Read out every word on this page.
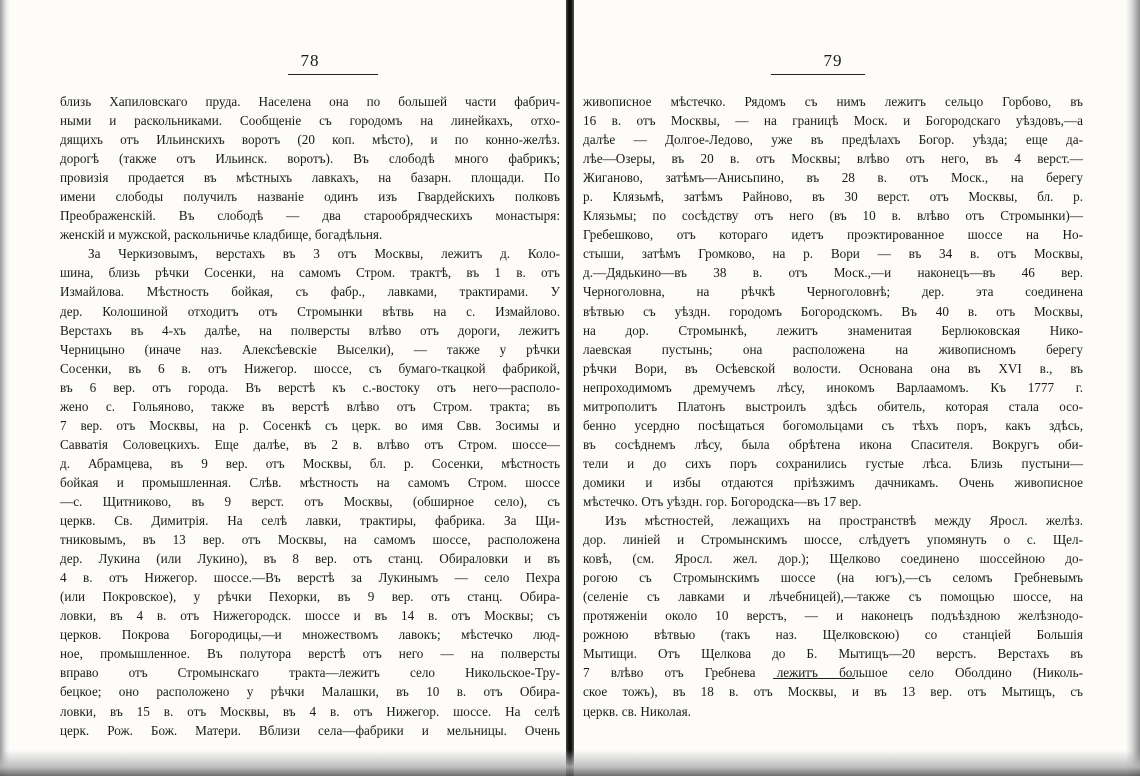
78
близь Хапиловскаго пруда. Населена она по большей части фабрич-
ными и раскольниками. Сообщеніе съ городомъ на линейкахъ, отхо-
дящихъ отъ Ильинскихъ воротъ (20 коп. мѣсто), и по конно-желѣз.
дорогѣ (также отъ Ильинск. воротъ). Въ слободѣ много фабрикъ;
провизія продается въ мѣстныхъ лавкахъ, на базарн. площади. По
имени слободы получилъ названіе одинъ изъ Гвардейскихъ полковъ
Преображенскій. Въ слободѣ — два старообрядческихъ монастыря:
женскій и мужской, раскольничье кладбище, богадѣльня.
За Черкизовымъ, верстахъ въ 3 отъ Москвы, лежитъ д. Коло-
шина, близь рѣчки Сосенки, на самомъ Стром. трактѣ, въ 1 в. отъ
Измайлова. Мѣстность бойкая, съ фабр., лавками, трактирами. У
дер. Колошиной отходитъ отъ Стромынки вѣтвь на с. Измайлово.
Верстахъ въ 4-хъ далѣе, на полверсты влѣво отъ дороги, лежитъ
Черницыно (иначе наз. Алексѣевскіе Выселки), — также у рѣчки
Сосенки, въ 6 в. отъ Нижегор. шоссе, съ бумаго-ткацкой фабрикой,
въ 6 вер. отъ города. Въ верстѣ къ с.-востоку отъ него—располо-
жено с. Гольяново, также въ верстѣ влѣво отъ Стром. тракта; въ
7 вер. отъ Москвы, на р. Сосенкѣ съ церк. во имя Свв. Зосимы и
Савватія Соловецкихъ. Еще далѣе, въ 2 в. влѣво отъ Стром. шоссе—
д. Абрамцева, въ 9 вер. отъ Москвы, бл. р. Сосенки, мѣстность
бойкая и промышленная. Слѣв. мѣстность на самомъ Стром. шоссе
—с. Щитниково, въ 9 верст. отъ Москвы, (обширное село), съ
церкв. Св. Димитрія. На селѣ лавки, трактиры, фабрика. За Щи-
тниковымъ, въ 13 вер. отъ Москвы, на самомъ шоссе, расположена
дер. Лукина (или Лукино), въ 8 вер. отъ станц. Обираловки и въ
4 в. отъ Нижегор. шоссе.—Въ верстѣ за Лукинымъ — село Пехра
(или Покровское), у рѣчки Пехорки, въ 9 вер. отъ станц. Обира-
ловки, въ 4 в. отъ Нижегородск. шоссе и въ 14 в. отъ Москвы; съ
церков. Покрова Богородицы,—и множествомъ лавокъ; мѣстечко люд-
ное, промышленное. Въ полутора верстѣ отъ него — на полверсты
вправо отъ Стромынскаго тракта—лежитъ село Никольское-Тру-
бецкое; оно расположено у рѣчки Малашки, въ 10 в. отъ Обира-
ловки, въ 15 в. отъ Москвы, въ 4 в. отъ Нижегор. шоссе. На селѣ
церк. Рож. Бож. Матери. Вблизи села—фабрики и мельницы. Очень
79
живописное мѣстечко. Рядомъ съ нимъ лежитъ сельцо Горбово, въ
16 в. отъ Москвы, — на границѣ Моск. и Богородскаго уѣздовъ,—а
далѣе — Долгое-Ледово, уже въ предѣлахъ Богор. уѣзда; еще да-
лѣе—Озеры, въ 20 в. отъ Москвы; влѣво отъ него, въ 4 верст.—
Жиганово, затѣмъ—Анисьпино, въ 28 в. отъ Моск., на берегу
р. Клязьмѣ, затѣмъ Райново, въ 30 верст. отъ Москвы, бл. р.
Клязьмы; по сосѣдству отъ него (въ 10 в. влѣво отъ Стромынки)—
Гребешково, отъ котораго идетъ проэктированное шоссе на Но-
стыши, затѣмъ Громково, на р. Вори — въ 34 в. отъ Москвы,
д.—Дядькино—въ 38 в. отъ Моск.,—и наконецъ—въ 46 вер.
Черноголовна, на рѣчкѣ Черноголовнѣ; дер. эта соединена
вѣтвью съ уѣздн. городомъ Богородскомъ. Въ 40 в. отъ Москвы,
на дор. Стромынкѣ, лежитъ знаменитая Берлюковская Нико-
лаевская пустынь; она расположена на живописномъ берегу
рѣчки Вори, въ Осѣевской волости. Основана она въ XVI в., въ
непроходимомъ дремучемъ лѣсу, инокомъ Варлаамомъ. Къ 1777 г.
митрополитъ Платонъ выстроилъ здѣсь обитель, которая стала осо-
бенно усердно посѣщаться богомольцами съ тѣхъ поръ, какъ здѣсь,
въ сосѣднемъ лѣсу, была обрѣтена икона Спасителя. Вокругъ оби-
тели и до сихъ поръ сохранились густые лѣса. Близь пустыни—
домики и избы отдаются пріѣзжимъ дачникамъ. Очень живописное
мѣстечко. Отъ уѣздн. гор. Богородска—въ 17 вер.
Изъ мѣстностей, лежащихъ на пространствѣ между Яросл. желѣз.
дор. линіей и Стромынскимъ шоссе, слѣдуетъ упомянуть о с. Щел-
ковѣ, (см. Яросл. жел. дор.); Щелково соединено шоссейною до-
рогою съ Стромынскимъ шоссе (на югъ),—съ селомъ Гребневымъ
(селеніе съ лавками и лѣчебницей),—также съ помощью шоссе, на
протяженіи около 10 верстъ, — и наконецъ подъѣздною желѣзнодо-
рожною вѣтвью (такъ наз. Щелковскою) со станціей Большія
Мытищи. Отъ Щелкова до Б. Мытищъ—20 верстъ. Верстахъ въ
7 влѣво отъ Гребнева лежитъ большое село Оболдино (Николь-
ское тожъ), въ 18 в. отъ Москвы, и въ 13 вер. отъ Мытищъ, съ
церкв. св. Николая.
